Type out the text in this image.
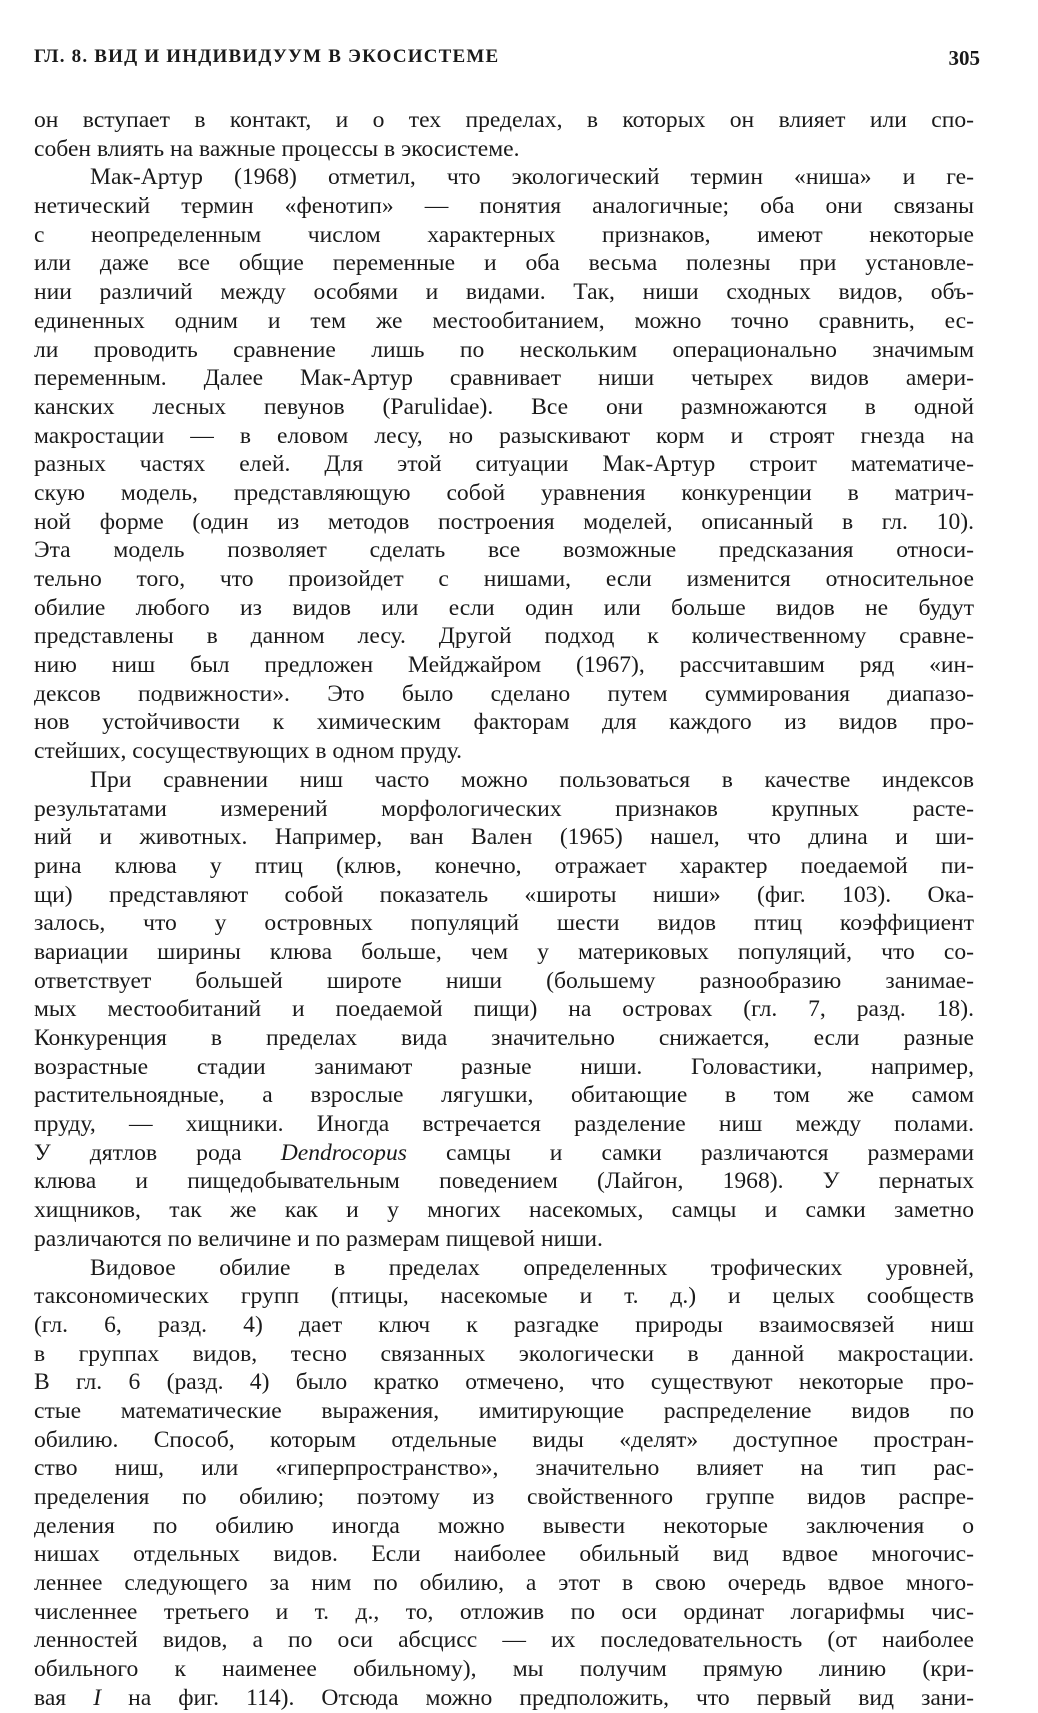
ГЛ. 8. ВИД И ИНДИВИДУУМ В ЭКОСИСТЕМЕ	305

он вступает в контакт, и о тех пределах, в которых он влияет или спо-
собен влиять на важные процессы в экосистеме.

Мак-Артур (1968) отметил, что экологический термин «ниша» и ге-
нетический термин «фенотип» — понятия аналогичные; оба они связаны
с неопределенным числом характерных признаков, имеют некоторые
или даже все общие переменные и оба весьма полезны при установле-
нии различий между особями и видами. Так, ниши сходных видов, объ-
единенных одним и тем же местообитанием, можно точно сравнить, ес-
ли проводить сравнение лишь по нескольким операционально значимым
переменным. Далее Мак-Артур сравнивает ниши четырех видов амери-
канских лесных певунов (Parulidae). Все они размножаются в одной
макростации — в еловом лесу, но разыскивают корм и строят гнезда на
разных частях елей. Для этой ситуации Мак-Артур строит математиче-
скую модель, представляющую собой уравнения конкуренции в матрич-
ной форме (один из методов построения моделей, описанный в гл. 10).
Эта модель позволяет сделать все возможные предсказания относи-
тельно того, что произойдет с нишами, если изменится относительное
обилие любого из видов или если один или больше видов не будут
представлены в данном лесу. Другой подход к количественному сравне-
нию ниш был предложен Мейджайром (1967), рассчитавшим ряд «ин-
дексов подвижности». Это было сделано путем суммирования диапазо-
нов устойчивости к химическим факторам для каждого из видов про-
стейших, сосуществующих в одном пруду.

При сравнении ниш часто можно пользоваться в качестве индексов
результатами измерений морфологических признаков крупных расте-
ний и животных. Например, ван Вален (1965) нашел, что длина и ши-
рина клюва у птиц (клюв, конечно, отражает характер поедаемой пи-
щи) представляют собой показатель «широты ниши» (фиг. 103). Ока-
залось, что у островных популяций шести видов птиц коэффициент
вариации ширины клюва больше, чем у материковых популяций, что со-
ответствует большей широте ниши (большему разнообразию занимае-
мых местообитаний и поедаемой пищи) на островах (гл. 7, разд. 18).
Конкуренция в пределах вида значительно снижается, если разные
возрастные стадии занимают разные ниши. Головастики, например,
растительноядные, а взрослые лягушки, обитающие в том же самом
пруду, — хищники. Иногда встречается разделение ниш между полами.
У дятлов рода Dendrocopus самцы и самки различаются размерами
клюва и пищедобывательным поведением (Лайгон, 1968). У пернатых
хищников, так же как и у многих насекомых, самцы и самки заметно
различаются по величине и по размерам пищевой ниши.

Видовое обилие в пределах определенных трофических уровней,
таксономических групп (птицы, насекомые и т. д.) и целых сообществ
(гл. 6, разд. 4) дает ключ к разгадке природы взаимосвязей ниш
в группах видов, тесно связанных экологически в данной макростации.
В гл. 6 (разд. 4) было кратко отмечено, что существуют некоторые про-
стые математические выражения, имитирующие распределение видов по
обилию. Способ, которым отдельные виды «делят» доступное простран-
ство ниш, или «гиперпространство», значительно влияет на тип рас-
пределения по обилию; поэтому из свойственного группе видов распре-
деления по обилию иногда можно вывести некоторые заключения о
нишах отдельных видов. Если наиболее обильный вид вдвое многочис-
леннее следующего за ним по обилию, а этот в свою очередь вдвое много-
численнее третьего и т. д., то, отложив по оси ординат логарифмы чис-
ленностей видов, а по оси абсцисс — их последовательность (от наиболее
обильного к наименее обильному), мы получим прямую линию (кри-
вая I на фиг. 114). Отсюда можно предположить, что первый вид зани-
